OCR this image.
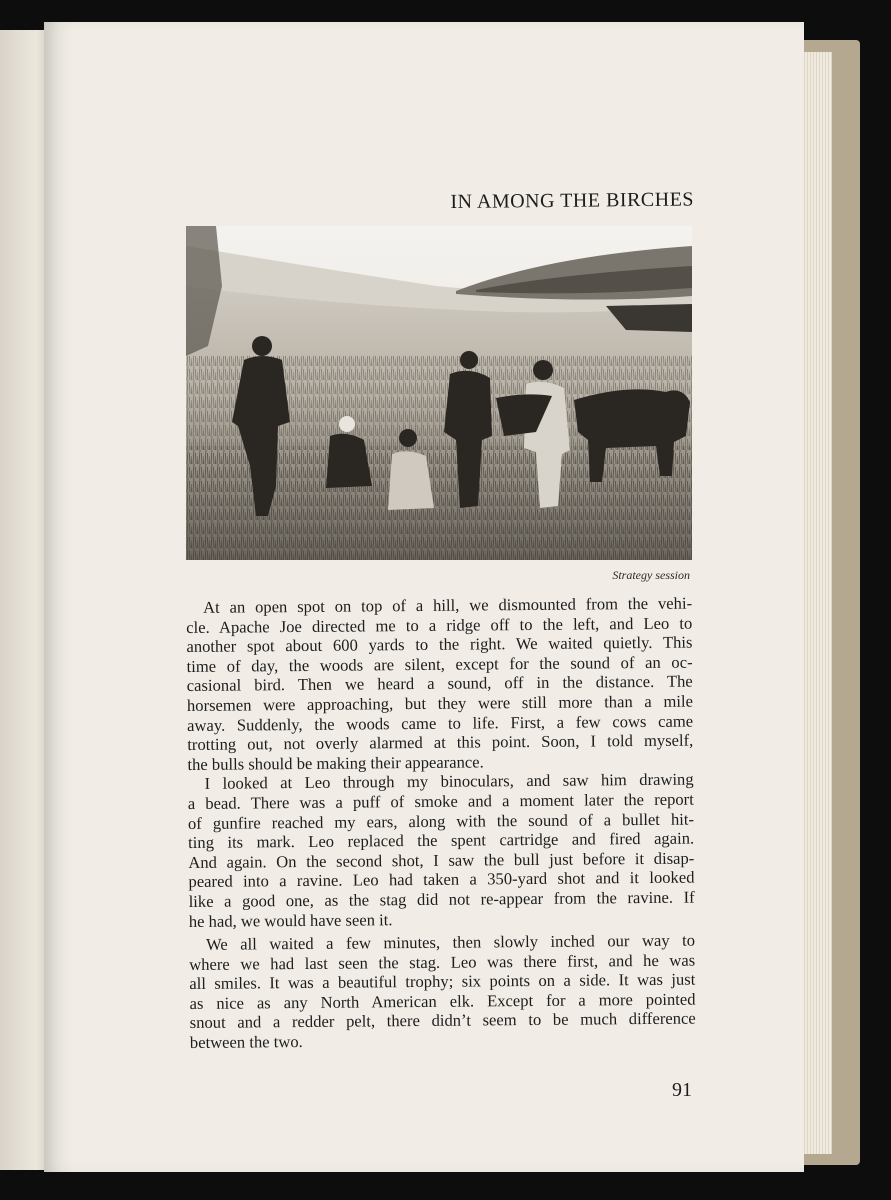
IN AMONG THE BIRCHES
Strategy session
At an open spot on top of a hill, we dismounted from the vehi-
cle. Apache Joe directed me to a ridge off to the left, and Leo to
another spot about 600 yards to the right. We waited quietly. This
time of day, the woods are silent, except for the sound of an oc-
casional bird. Then we heard a sound, off in the distance. The
horsemen were approaching, but they were still more than a mile
away. Suddenly, the woods came to life. First, a few cows came
trotting out, not overly alarmed at this point. Soon, I told myself,
the bulls should be making their appearance.
I looked at Leo through my binoculars, and saw him drawing
a bead. There was a puff of smoke and a moment later the report
of gunfire reached my ears, along with the sound of a bullet hit-
ting its mark. Leo replaced the spent cartridge and fired again.
And again. On the second shot, I saw the bull just before it disap-
peared into a ravine. Leo had taken a 350-yard shot and it looked
like a good one, as the stag did not re-appear from the ravine. If
he had, we would have seen it.
We all waited a few minutes, then slowly inched our way to
where we had last seen the stag. Leo was there first, and he was
all smiles. It was a beautiful trophy; six points on a side. It was just
as nice as any North American elk. Except for a more pointed
snout and a redder pelt, there didn’t seem to be much difference
between the two.
91
